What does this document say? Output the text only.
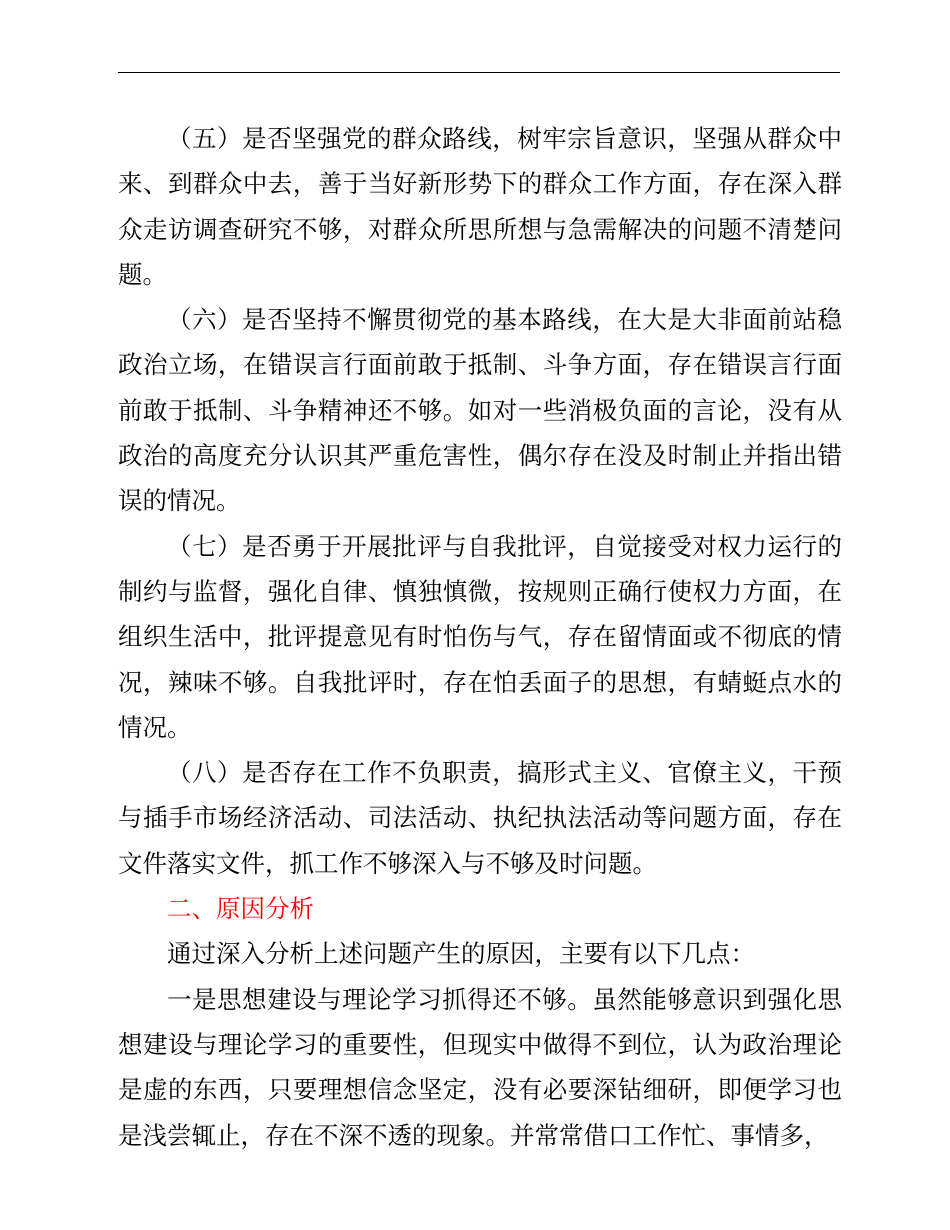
（五）是否坚强党的群众路线，树牢宗旨意识，坚强从群众中来、到群众中去，善于当好新形势下的群众工作方面，存在深入群众走访调查研究不够，对群众所思所想与急需解决的问题不清楚问题。

（六）是否坚持不懈贯彻党的基本路线，在大是大非面前站稳政治立场，在错误言行面前敢于抵制、斗争方面，存在错误言行面前敢于抵制、斗争精神还不够。如对一些消极负面的言论，没有从政治的高度充分认识其严重危害性，偶尔存在没及时制止并指出错误的情况。

（七）是否勇于开展批评与自我批评，自觉接受对权力运行的制约与监督，强化自律、慎独慎微，按规则正确行使权力方面，在组织生活中，批评提意见有时怕伤与气，存在留情面或不彻底的情况，辣味不够。自我批评时，存在怕丢面子的思想，有蜻蜓点水的情况。

（八）是否存在工作不负职责，搞形式主义、官僚主义，干预与插手市场经济活动、司法活动、执纪执法活动等问题方面，存在文件落实文件，抓工作不够深入与不够及时问题。

二、原因分析

通过深入分析上述问题产生的原因，主要有以下几点：

一是思想建设与理论学习抓得还不够。虽然能够意识到强化思想建设与理论学习的重要性，但现实中做得不到位，认为政治理论是虚的东西，只要理想信念坚定，没有必要深钻细研，即便学习也是浅尝辄止，存在不深不透的现象。并常常借口工作忙、事情多，
